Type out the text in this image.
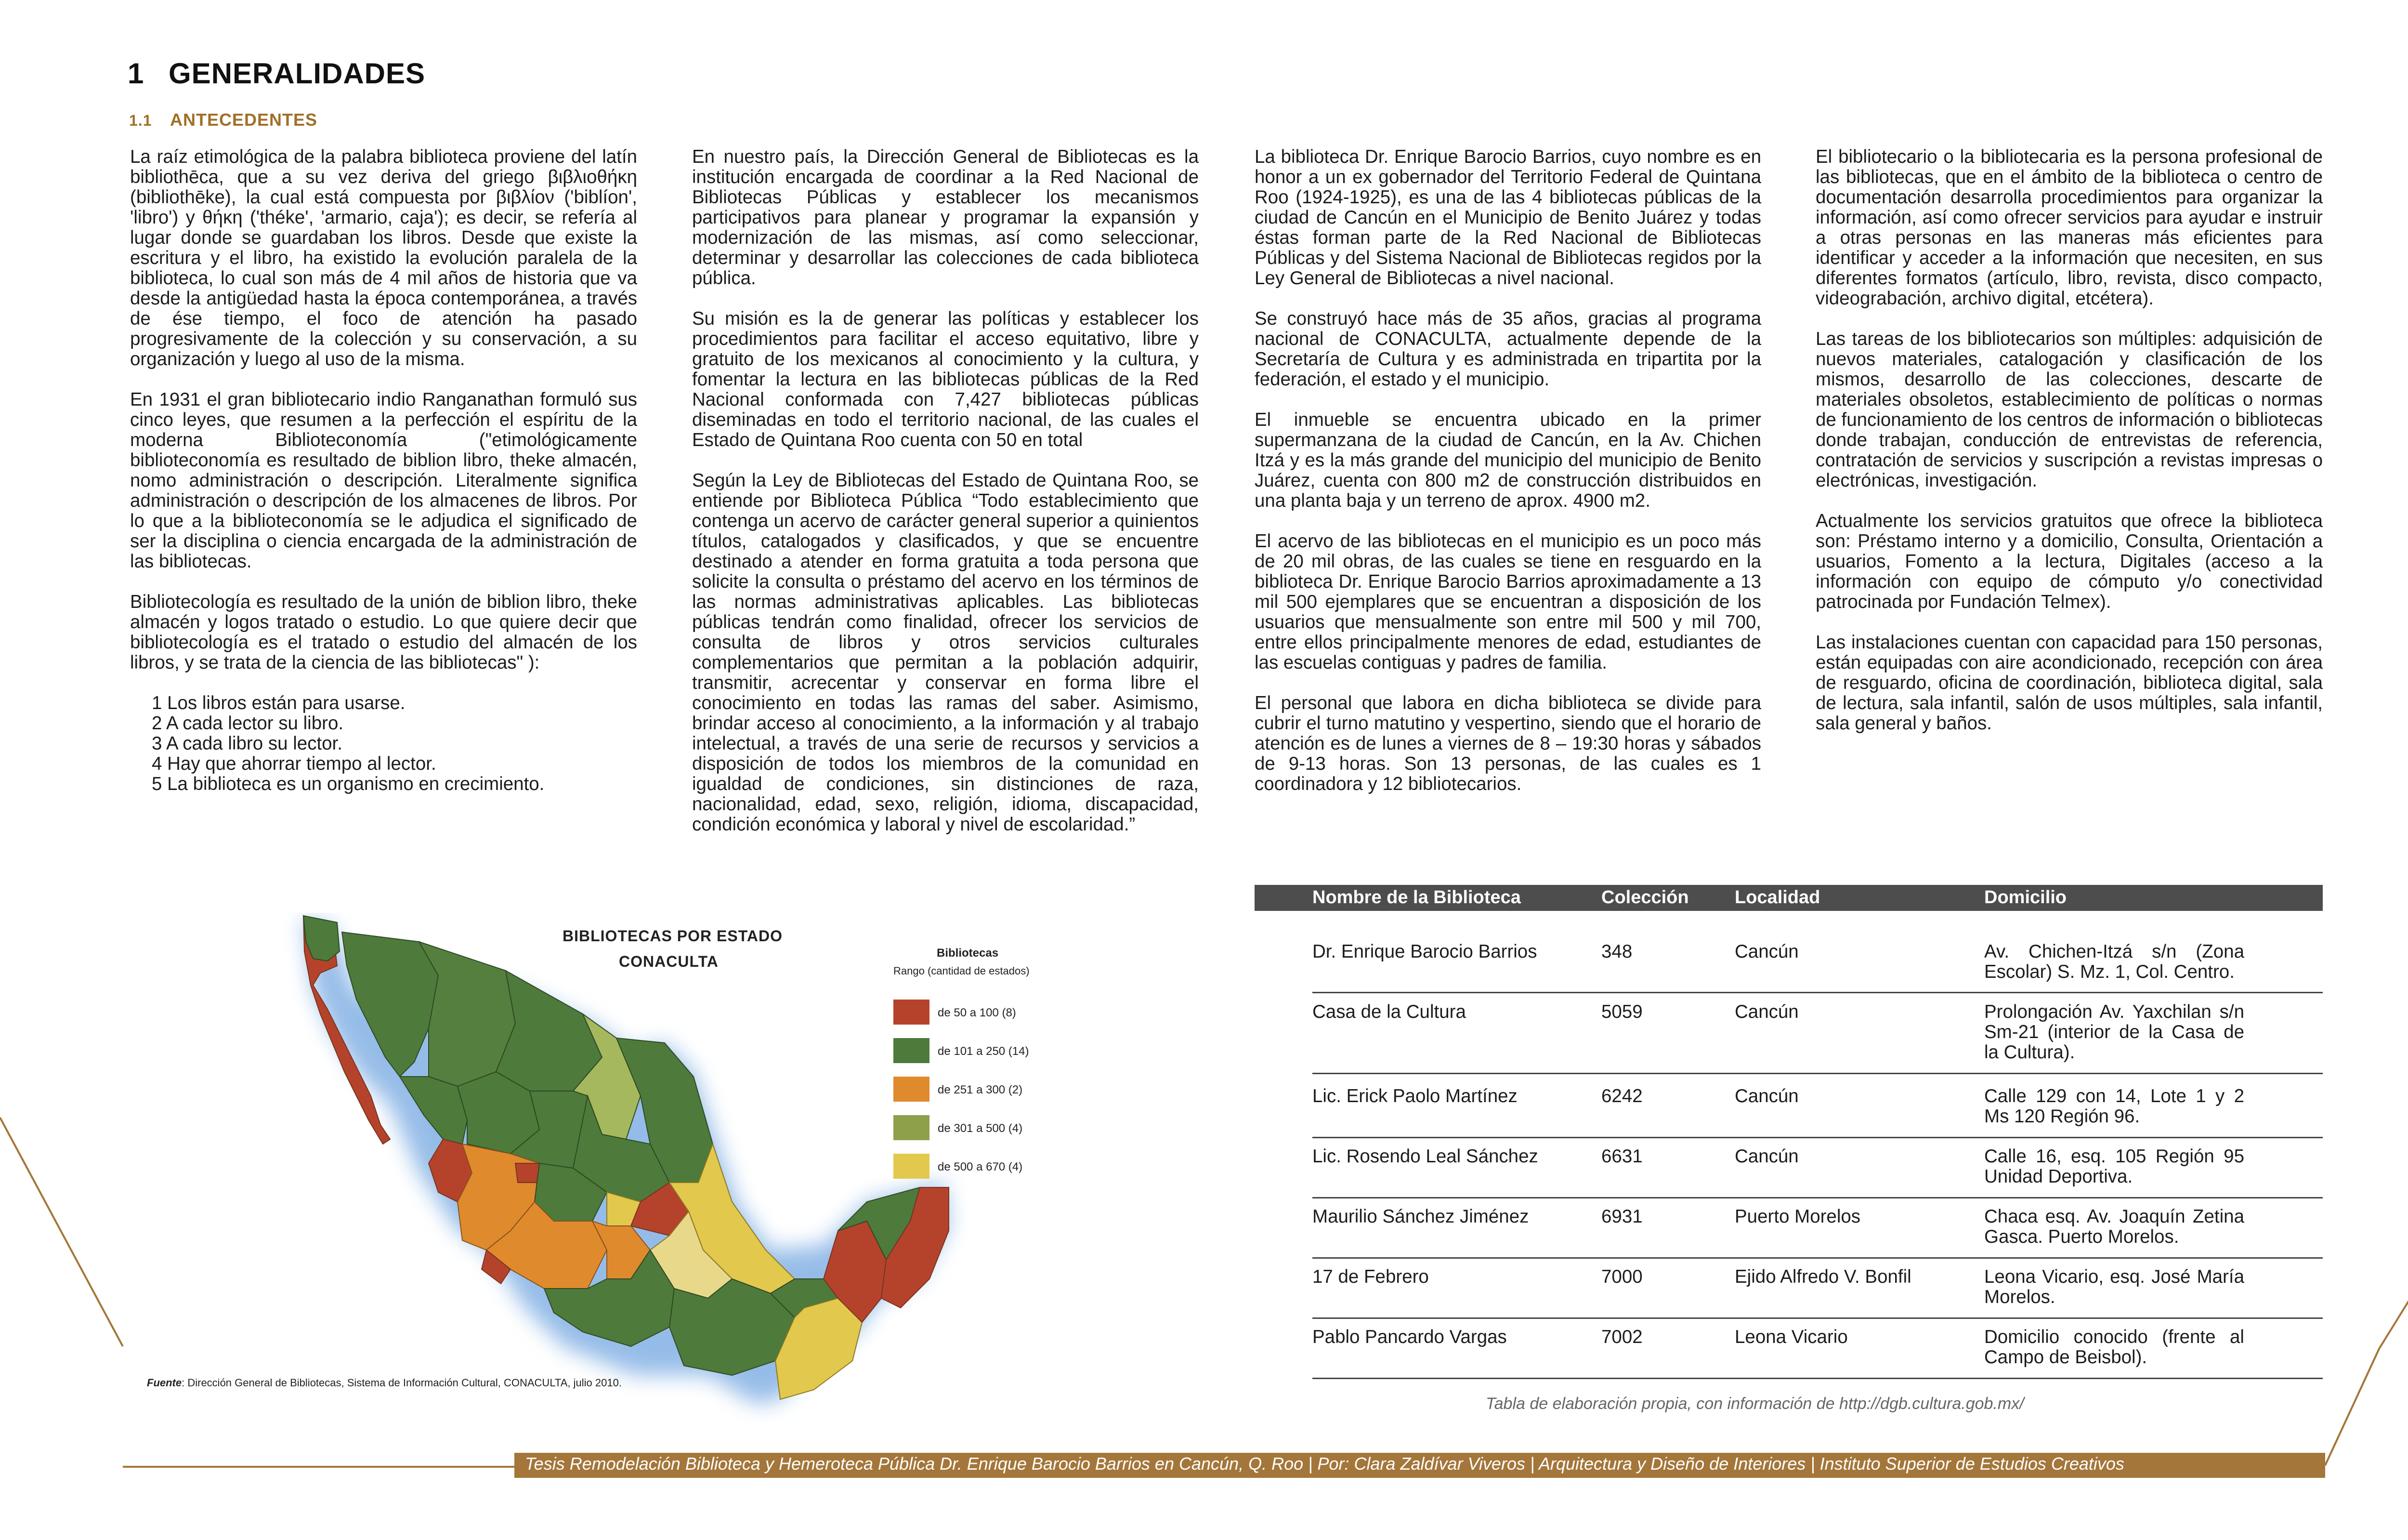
1 GENERALIDADES
1.1 ANTECEDENTES

La raíz etimológica de la palabra biblioteca proviene del latín bibliothēca, que a su vez deriva del griego βιβλιοθήκη (bibliothēke), la cual está compuesta por βιβλίον ('biblíon', 'libro') y θήκη ('théke', 'armario, caja'); es decir, se refería al lugar donde se guardaban los libros. Desde que existe la escritura y el libro, ha existido la evolución paralela de la biblioteca, lo cual son más de 4 mil años de historia que va desde la antigüedad hasta la época contemporánea, a través de ése tiempo, el foco de atención ha pasado progresivamente de la colección y su conservación, a su organización y luego al uso de la misma.

En 1931 el gran bibliotecario indio Ranganathan formuló sus cinco leyes, que resumen a la perfección el espíritu de la moderna Biblioteconomía ("etimológicamente biblioteconomía es resultado de biblion libro, theke almacén, nomo administración o descripción. Literalmente significa administración o descripción de los almacenes de libros. Por lo que a la biblioteconomía se le adjudica el significado de ser la disciplina o ciencia encargada de la administración de las bibliotecas.

Bibliotecología es resultado de la unión de biblion libro, theke almacén y logos tratado o estudio. Lo que quiere decir que bibliotecología es el tratado o estudio del almacén de los libros, y se trata de la ciencia de las bibliotecas" ):

1 Los libros están para usarse.
2 A cada lector su libro.
3 A cada libro su lector.
4 Hay que ahorrar tiempo al lector.
5 La biblioteca es un organismo en crecimiento.

En nuestro país, la Dirección General de Bibliotecas es la institución encargada de coordinar a la Red Nacional de Bibliotecas Públicas y establecer los mecanismos participativos para planear y programar la expansión y modernización de las mismas, así como seleccionar, determinar y desarrollar las colecciones de cada biblioteca pública.

Su misión es la de generar las políticas y establecer los procedimientos para facilitar el acceso equitativo, libre y gratuito de los mexicanos al conocimiento y la cultura, y fomentar la lectura en las bibliotecas públicas de la Red Nacional conformada con 7,427 bibliotecas públicas diseminadas en todo el territorio nacional, de las cuales el Estado de Quintana Roo cuenta con 50 en total

Según la Ley de Bibliotecas del Estado de Quintana Roo, se entiende por Biblioteca Pública “Todo establecimiento que contenga un acervo de carácter general superior a quinientos títulos, catalogados y clasificados, y que se encuentre destinado a atender en forma gratuita a toda persona que solicite la consulta o préstamo del acervo en los términos de las normas administrativas aplicables. Las bibliotecas públicas tendrán como finalidad, ofrecer los servicios de consulta de libros y otros servicios culturales complementarios que permitan a la población adquirir, transmitir, acrecentar y conservar en forma libre el conocimiento en todas las ramas del saber. Asimismo, brindar acceso al conocimiento, a la información y al trabajo intelectual, a través de una serie de recursos y servicios a disposición de todos los miembros de la comunidad en igualdad de condiciones, sin distinciones de raza, nacionalidad, edad, sexo, religión, idioma, discapacidad, condición económica y laboral y nivel de escolaridad.”

La biblioteca Dr. Enrique Barocio Barrios, cuyo nombre es en honor a un ex gobernador del Territorio Federal de Quintana Roo (1924-1925), es una de las 4 bibliotecas públicas de la ciudad de Cancún en el Municipio de Benito Juárez y todas éstas forman parte de la Red Nacional de Bibliotecas Públicas y del Sistema Nacional de Bibliotecas regidos por la Ley General de Bibliotecas a nivel nacional.

Se construyó hace más de 35 años, gracias al programa nacional de CONACULTA, actualmente depende de la Secretaría de Cultura y es administrada en tripartita por la federación, el estado y el municipio.

El inmueble se encuentra ubicado en la primer supermanzana de la ciudad de Cancún, en la Av. Chichen Itzá y es la más grande del municipio del municipio de Benito Juárez, cuenta con 800 m2 de construcción distribuidos en una planta baja y un terreno de aprox. 4900 m2.

El acervo de las bibliotecas en el municipio es un poco más de 20 mil obras, de las cuales se tiene en resguardo en la biblioteca Dr. Enrique Barocio Barrios aproximadamente a 13 mil 500 ejemplares que se encuentran a disposición de los usuarios que mensualmente son entre mil 500 y mil 700, entre ellos principalmente menores de edad, estudiantes de las escuelas contiguas y padres de familia.

El personal que labora en dicha biblioteca se divide para cubrir el turno matutino y vespertino, siendo que el horario de atención es de lunes a viernes de 8 – 19:30 horas y sábados de 9-13 horas. Son 13 personas, de las cuales es 1 coordinadora y 12 bibliotecarios.

El bibliotecario o la bibliotecaria es la persona profesional de las bibliotecas, que en el ámbito de la biblioteca o centro de documentación desarrolla procedimientos para organizar la información, así como ofrecer servicios para ayudar e instruir a otras personas en las maneras más eficientes para identificar y acceder a la información que necesiten, en sus diferentes formatos (artículo, libro, revista, disco compacto, videograbación, archivo digital, etcétera).

Las tareas de los bibliotecarios son múltiples: adquisición de nuevos materiales, catalogación y clasificación de los mismos, desarrollo de las colecciones, descarte de materiales obsoletos, establecimiento de políticas o normas de funcionamiento de los centros de información o bibliotecas donde trabajan, conducción de entrevistas de referencia, contratación de servicios y suscripción a revistas impresas o electrónicas, investigación.

Actualmente los servicios gratuitos que ofrece la biblioteca son: Préstamo interno y a domicilio, Consulta, Orientación a usuarios, Fomento a la lectura, Digitales (acceso a la información con equipo de cómputo y/o conectividad patrocinada por Fundación Telmex).

Las instalaciones cuentan con capacidad para 150 personas, están equipadas con aire acondicionado, recepción con área de resguardo, oficina de coordinación, biblioteca digital, sala de lectura, sala infantil, salón de usos múltiples, sala infantil, sala general y baños.

BIBLIOTECAS POR ESTADO
CONACULTA	Bibliotecas
Rango (cantidad de estados)
de 50 a 100 (8)
de 101 a 250 (14)
de 251 a 300 (2)
de 301 a 500 (4)
de 500 a 670 (4)
Fuente: Dirección General de Bibliotecas, Sistema de Información Cultural, CONACULTA, julio 2010.
Nombre de la Biblioteca	Colección	Localidad	Domicilio
Dr. Enrique Barocio Barrios	348	Cancún	Av. Chichen-Itzá s/n (Zona Escolar) S. Mz. 1, Col. Centro.
Casa de la Cultura	5059	Cancún	Prolongación Av. Yaxchilan s/n Sm-21 (interior de la Casa de la Cultura).
Lic. Erick Paolo Martínez	6242	Cancún	Calle 129 con 14, Lote 1 y 2 Ms 120 Región 96.
Lic. Rosendo Leal Sánchez	6631	Cancún	Calle 16, esq. 105 Región 95 Unidad Deportiva.
Maurilio Sánchez Jiménez	6931	Puerto Morelos	Chaca esq. Av. Joaquín Zetina Gasca. Puerto Morelos.
17 de Febrero	7000	Ejido Alfredo V. Bonfil	Leona Vicario, esq. José María Morelos.
Pablo Pancardo Vargas	7002	Leona Vicario	Domicilio conocido (frente al Campo de Beisbol).
Tabla de elaboración propia, con información de http://dgb.cultura.gob.mx/
Tesis Remodelación Biblioteca y Hemeroteca Pública Dr. Enrique Barocio Barrios en Cancún, Q. Roo | Por: Clara Zaldívar Viveros | Arquitectura y Diseño de Interiores | Instituto Superior de Estudios Creativos
